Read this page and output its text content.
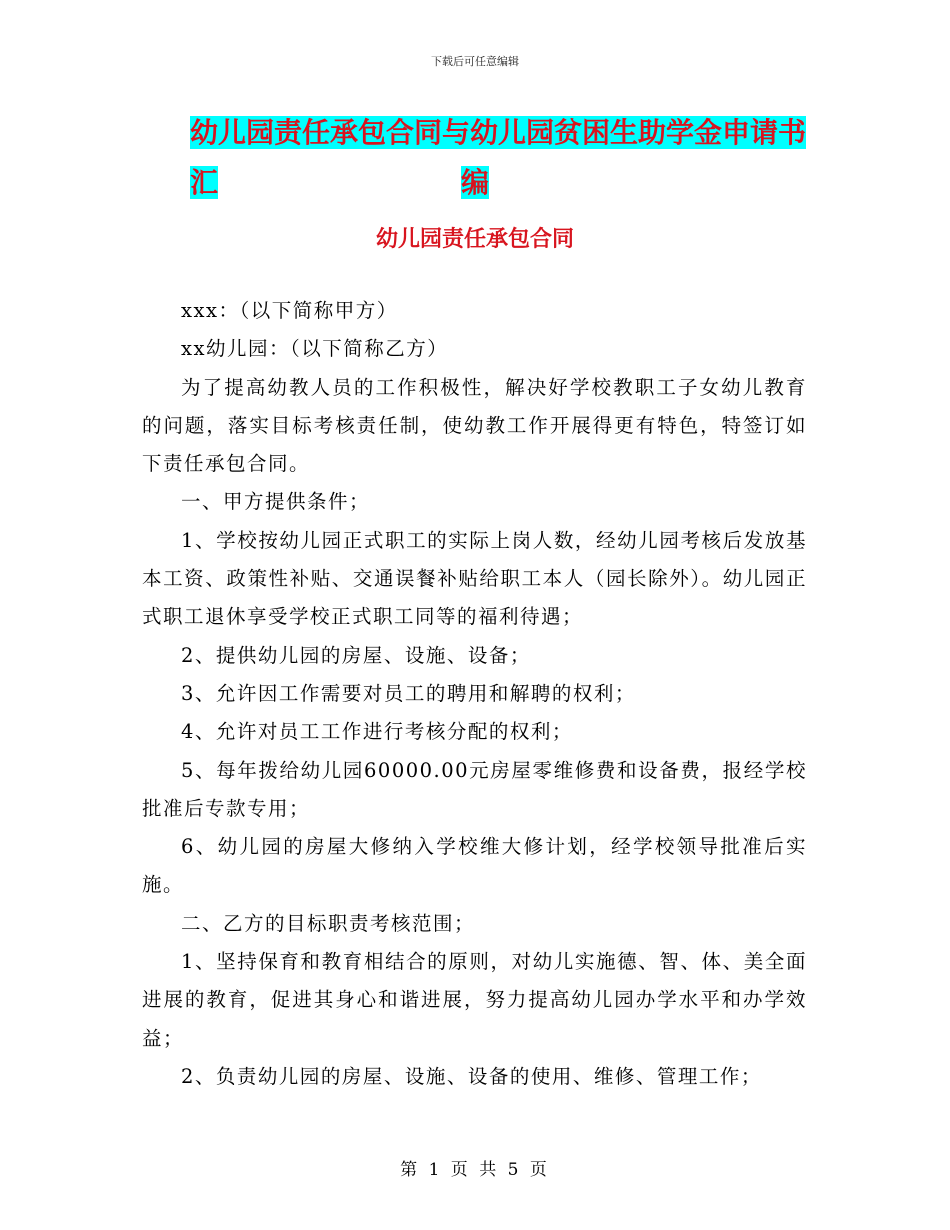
下载后可任意编辑
幼儿园责任承包合同与幼儿园贫困生助学金申请书汇	编
幼儿园责任承包合同

xxx：（以下简称甲方）

xx幼儿园：（以下简称乙方）

为了提高幼教人员的工作积极性，解决好学校教职工子女幼儿教育的问题，落实目标考核责任制，使幼教工作开展得更有特色，特签订如下责任承包合同。

一、甲方提供条件；

1、学校按幼儿园正式职工的实际上岗人数，经幼儿园考核后发放基本工资、政策性补贴、交通误餐补贴给职工本人（园长除外）。幼儿园正式职工退休享受学校正式职工同等的福利待遇；

2、提供幼儿园的房屋、设施、设备；

3、允许因工作需要对员工的聘用和解聘的权利；

4、允许对员工工作进行考核分配的权利；

5、每年拨给幼儿园60000.00元房屋零维修费和设备费，报经学校批准后专款专用；

6、幼儿园的房屋大修纳入学校维大修计划，经学校领导批准后实施。

二、乙方的目标职责考核范围；

1、坚持保育和教育相结合的原则，对幼儿实施德、智、体、美全面进展的教育，促进其身心和谐进展，努力提高幼儿园办学水平和办学效益；

2、负责幼儿园的房屋、设施、设备的使用、维修、管理工作；

第 1 页 共 5 页
